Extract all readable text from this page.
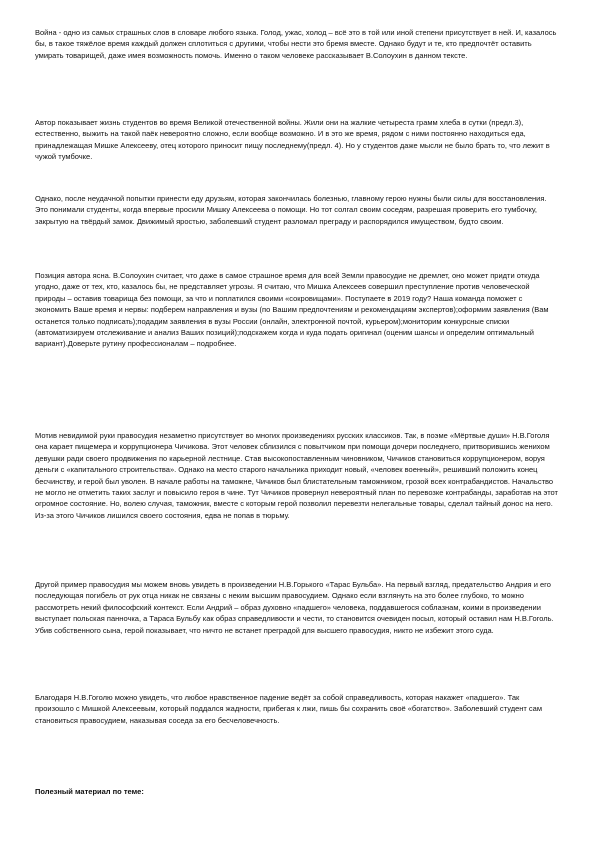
Война - одно из самых страшных слов в словаре любого языка. Голод, ужас, холод – всё это в той или иной степени присутствует в ней. И, казалось бы, в такое тяжёлое время каждый должен сплотиться с другими, чтобы нести это бремя вместе. Однако будут и те, кто предпочтёт оставить умирать товарищей, даже имея возможность помочь. Именно о таком человеке рассказывает В.Солоухин в данном тексте.

Автор показывает жизнь студентов во время Великой отечественной войны. Жили они на жалкие четыреста грамм хлеба в сутки (предл.3), естественно, выжить на такой паёк невероятно сложно, если вообще возможно. И в это же время, рядом с ними постоянно находиться еда, принадлежащая Мишке Алексееву, отец которого приносит пищу последнему(предл. 4). Но у студентов даже мысли не было брать то, что лежит в чужой тумбочке.

Однако, после неудачной попытки принести еду друзьям, которая закончилась болезнью, главному герою нужны были силы для восстановления. Это понимали студенты, когда впервые просили Мишку Алексеева о помощи. Но тот солгал своим соседям, разрешая проверить его тумбочку, закрытую на твёрдый замок. Движимый яростью, заболевший студент разломал преграду и распорядился имуществом, будто своим.

Позиция автора ясна. В.Солоухин считает, что даже в самое страшное время для всей Земли правосудие не дремлет, оно может придти откуда угодно, даже от тех, кто, казалось бы, не представляет угрозы. Я считаю, что Мишка Алексеев совершил преступление против человеческой природы – оставив товарища без помощи, за что и поплатился своими «сокровищами». Поступаете в 2019 году? Наша команда поможет с экономить Ваше время и нервы: подберем направления и вузы (по Вашим предпочтениям и рекомендациям экспертов);оформим заявления (Вам останется только подписать);подадим заявления в вузы России (онлайн, электронной почтой, курьером);мониторим конкурсные списки (автоматизируем отслеживание и анализ Ваших позиций);подскажем когда и куда подать оригинал (оценим шансы и определим оптимальный вариант).Доверьте рутину профессионалам – подробнее.

Мотив невидимой руки правосудия незаметно присутствует во многих произведениях русских классиков. Так, в поэме «Мёртвые души» Н.В.Гоголя она карает пищемера и коррупционера Чичикова. Этот человек сблизился с повытчиком при помощи дочери последнего, притворившись женихом девушки ради своего продвижения по карьерной лестнице. Став высокопоставленным чиновником, Чичиков становиться коррупционером, воруя деньги с «капитального строительства». Однако на место старого начальника приходит новый, «человек военный», решивший положить конец бесчинству, и герой был уволен. В начале работы на таможне, Чичиков был блистательным таможником, грозой всех контрабандистов. Начальство не могло не отметить таких заслуг и повысило героя в чине. Тут Чичиков провернул невероятный план по перевозке контрабанды, заработав на этот огромное состояние. Но, волею случая, таможник, вместе с которым герой позволил перевезти нелегальные товары, сделал тайный донос на него. Из-за этого Чичиков лишился своего состояния, едва не попав в тюрьму.

Другой пример правосудия мы можем вновь увидеть в произведении Н.В.Горького «Тарас Бульба». На первый взгляд, предательство Андрия и его последующая погибель от рук отца никак не связаны с неким высшим правосудием. Однако если взглянуть на это более глубоко, то можно рассмотреть некий философский контекст. Если Андрий – образ духовно «падшего» человека, поддавшегося соблазнам, коими в произведении выступает польская панночка, а Тараса Бульбу как образ справедливости и чести, то становится очевиден посыл, который оставил нам Н.В.Гоголь. Убив собственного сына, герой показывает, что ничто не встанет преградой для высшего правосудия, никто не избежит этого суда.

Благодаря Н.В.Гоголю можно увидеть, что любое нравственное падение ведёт за собой справедливость, которая накажет «падшего». Так произошло с Мишкой Алексеевым, который поддался жадности, прибегая к лжи, пишь бы сохранить своё «богатство». Заболевший студент сам становиться правосудием, наказывая соседа за его бесчеловечность.

Полезный материал по теме:
